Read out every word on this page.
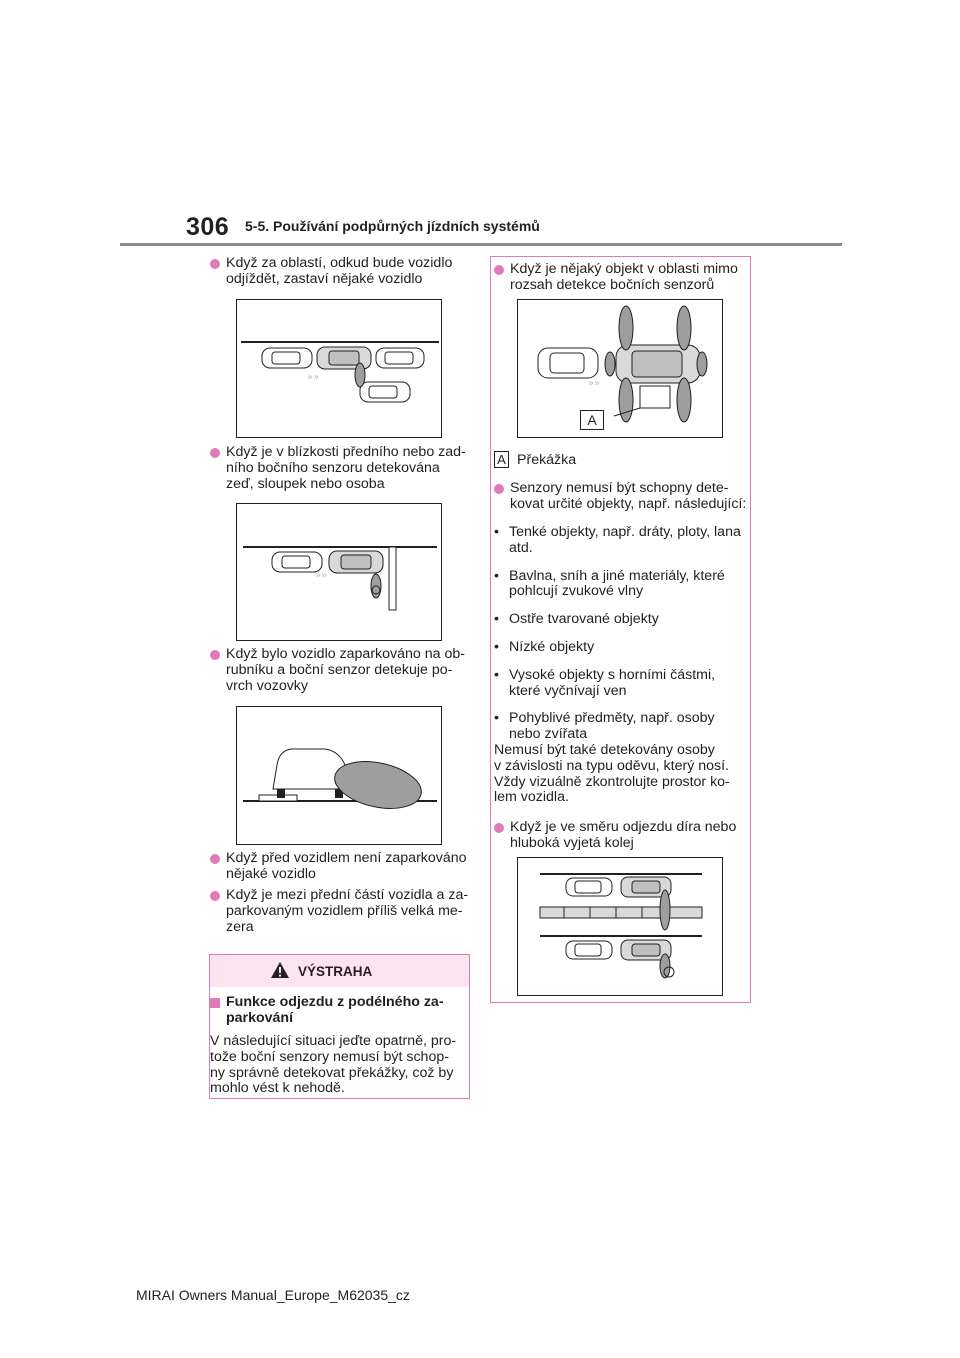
306 5-5. Používání podpůrných jízdních systémů
Když za oblastí, odkud bude vozidlo
odjíždět, zastaví nějaké vozidlo
»»
Když je v blízkosti předního nebo zad-
ního bočního senzoru detekována
zeď, sloupek nebo osoba
»»
Když bylo vozidlo zaparkováno na ob-
rubníku a boční senzor detekuje po-
vrch vozovky
Když před vozidlem není zaparkováno
nějaké vozidlo
Když je mezi přední částí vozidla a za-
parkovaným vozidlem příliš velká me-
zera
VÝSTRAHA
Funkce odjezdu z podélného za-
parkování
V následující situaci jeďte opatrně, pro-
tože boční senzory nemusí být schop-
ny správně detekovat překážky, což by
mohlo vést k nehodě.
Když je nějaký objekt v oblasti mimo
rozsah detekce bočních senzorů
»»
A
A Překážka
Senzory nemusí být schopny dete-
kovat určité objekty, např. následující:
• Tenké objekty, např. dráty, ploty, lana
atd.
• Bavlna, sníh a jiné materiály, které
pohlcují zvukové vlny
• Ostře tvarované objekty
• Nízké objekty
• Vysoké objekty s horními částmi,
které vyčnívají ven
• Pohyblivé předměty, např. osoby
nebo zvířata
Nemusí být také detekovány osoby
v závislosti na typu oděvu, který nosí.
Vždy vizuálně zkontrolujte prostor ko-
lem vozidla.
Když je ve směru odjezdu díra nebo
hluboká vyjetá kolej
MIRAI Owners Manual_Europe_M62035_cz
